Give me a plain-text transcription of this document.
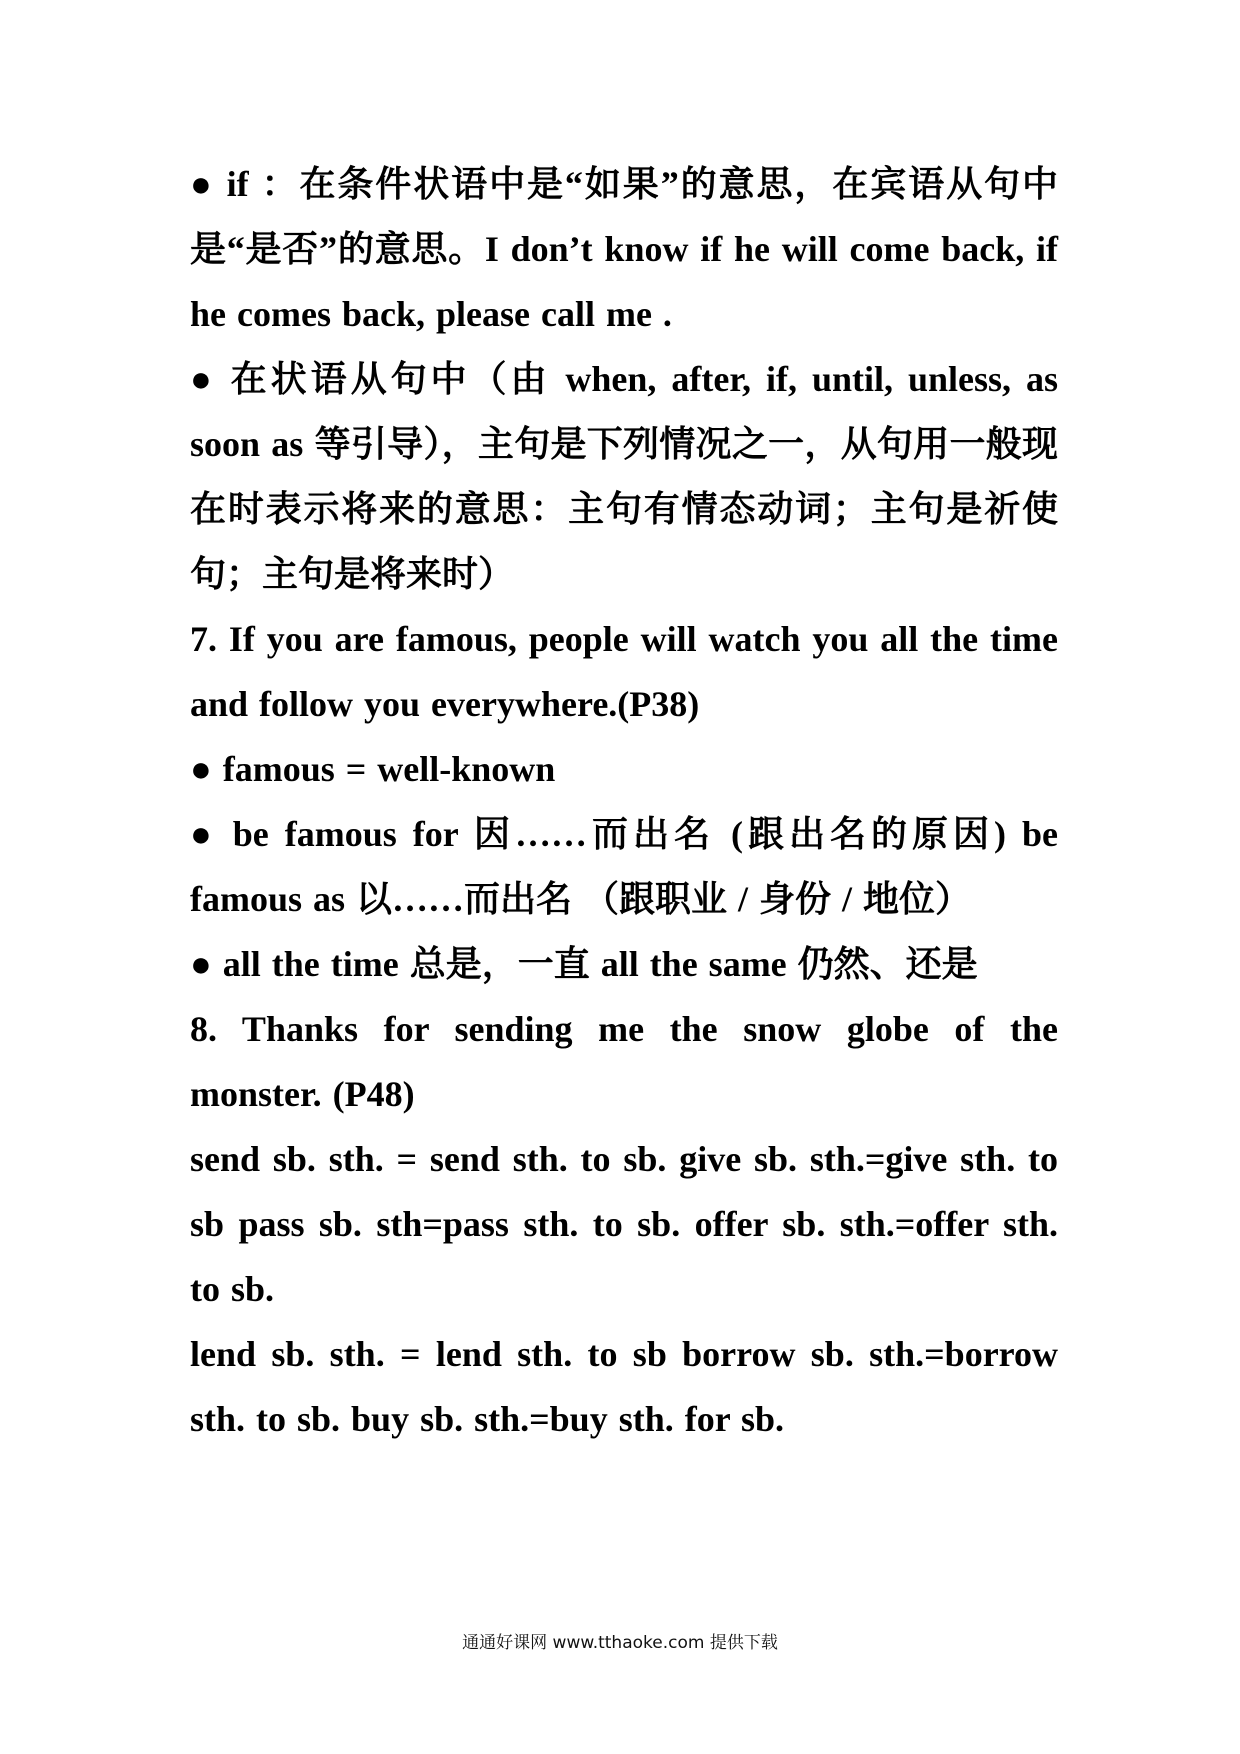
● if ：在条件状语中是“如果”的意思，在宾语从句中是“是否”的意思。I don’t know if he will come back, if he comes back, please call me .

● 在状语从句中（由 when, after, if, until, unless, as soon as 等引导），主句是下列情况之一，从句用一般现在时表示将来的意思：主句有情态动词；主句是祈使句；主句是将来时）

7. If you are famous, people will watch you all the time and follow you everywhere.(P38)

● famous = well-known

● be famous for 因……而出名 (跟出名的原因) be famous as 以……而出名 （跟职业 / 身份 / 地位）

● all the time 总是，一直 all the same 仍然、还是

8. Thanks for sending me the snow globe of the monster. (P48)

send sb. sth. = send sth. to sb. give sb. sth.=give sth. to sb pass sb. sth=pass sth. to sb. offer sb. sth.=offer sth. to sb.

lend sb. sth. = lend sth. to sb borrow sb. sth.=borrow sth. to sb. buy sb. sth.=buy sth. for sb.

通通好课网 www.tthaoke.com 提供下载
